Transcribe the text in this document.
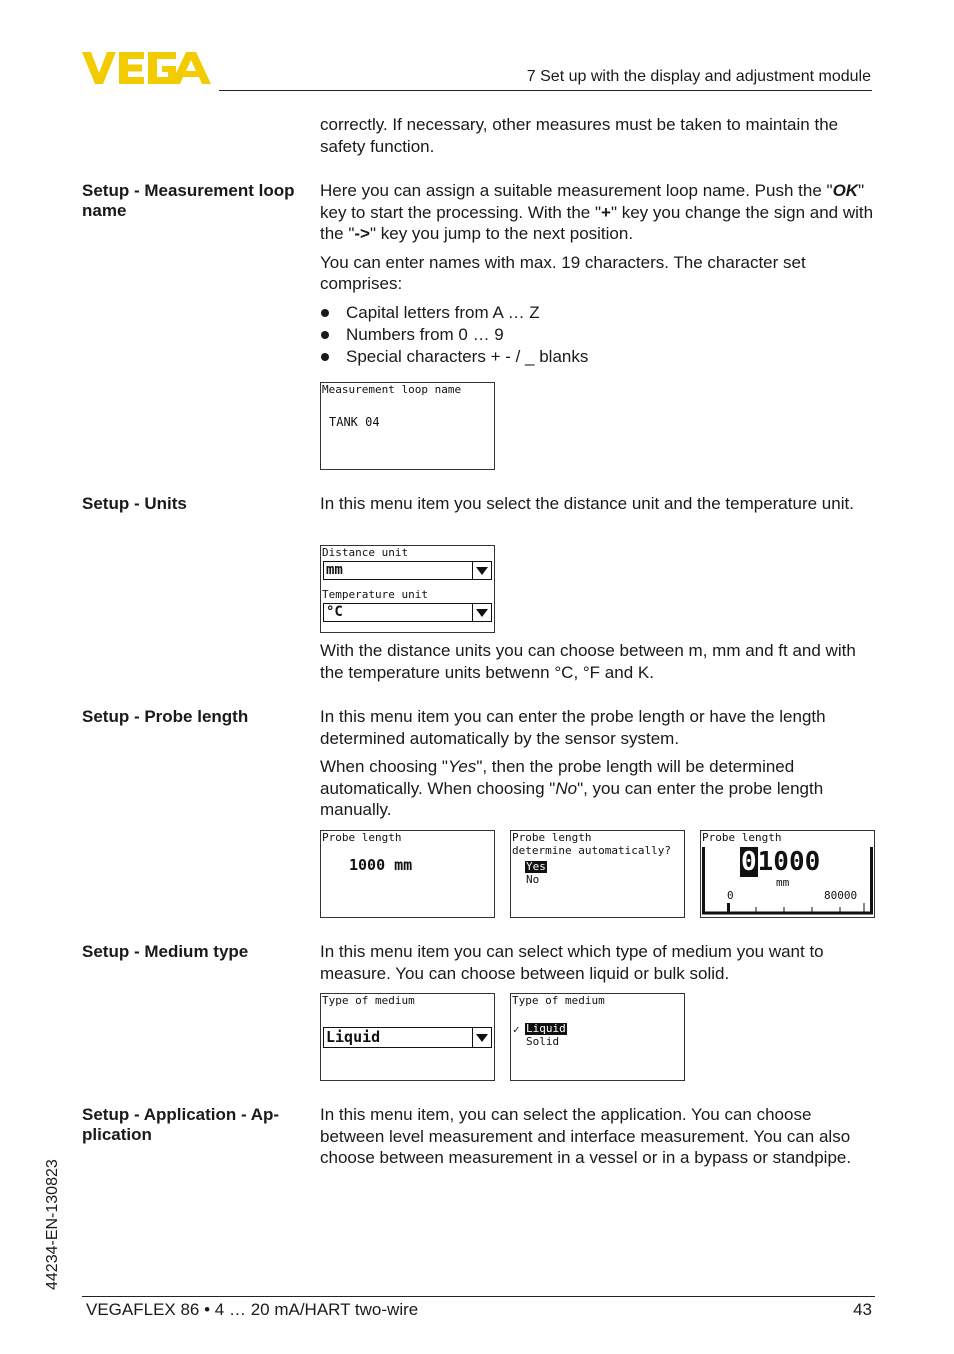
7 Set up with the display and adjustment module
correctly. If necessary, other measures must be taken to maintain the safety function.
Setup - Measurement loop name

Here you can assign a suitable measurement loop name. Push the "OK" key to start the processing. With the "+" key you change the sign and with the "->" key you jump to the next position.

You can enter names with max. 19 characters. The character set comprises:

Capital letters from A … Z
Numbers from 0 … 9
Special characters + - / _ blanks
Measurement loop name
TANK 04
Setup - Units	In this menu item you select the distance unit and the temperature unit.
Distance unit
mm
Temperature unit
°C
With the distance units you can choose between m, mm and ft and with the temperature units betwenn °C, °F and K.
Setup - Probe length	In this menu item you can enter the probe length or have the length determined automatically by the sensor system.

When choosing "Yes", then the probe length will be determined automatically. When choosing "No", you can enter the probe length manually.

Probe length
1000 mm
Probe length
determine automatically?
Yes
No
Probe length
01000
mm
0	80000
Setup - Medium type	In this menu item you can select which type of medium you want to measure. You can choose between liquid or bulk solid.
Type of medium
Liquid
Type of medium
✓ Liquid
Solid
Setup - Application - Ap- plication
In this menu item, you can select the application. You can choose between level measurement and interface measurement. You can also choose between measurement in a vessel or in a bypass or standpipe.
44234-EN-130823
VEGAFLEX 86 • 4 … 20 mA/HART two-wire	43
